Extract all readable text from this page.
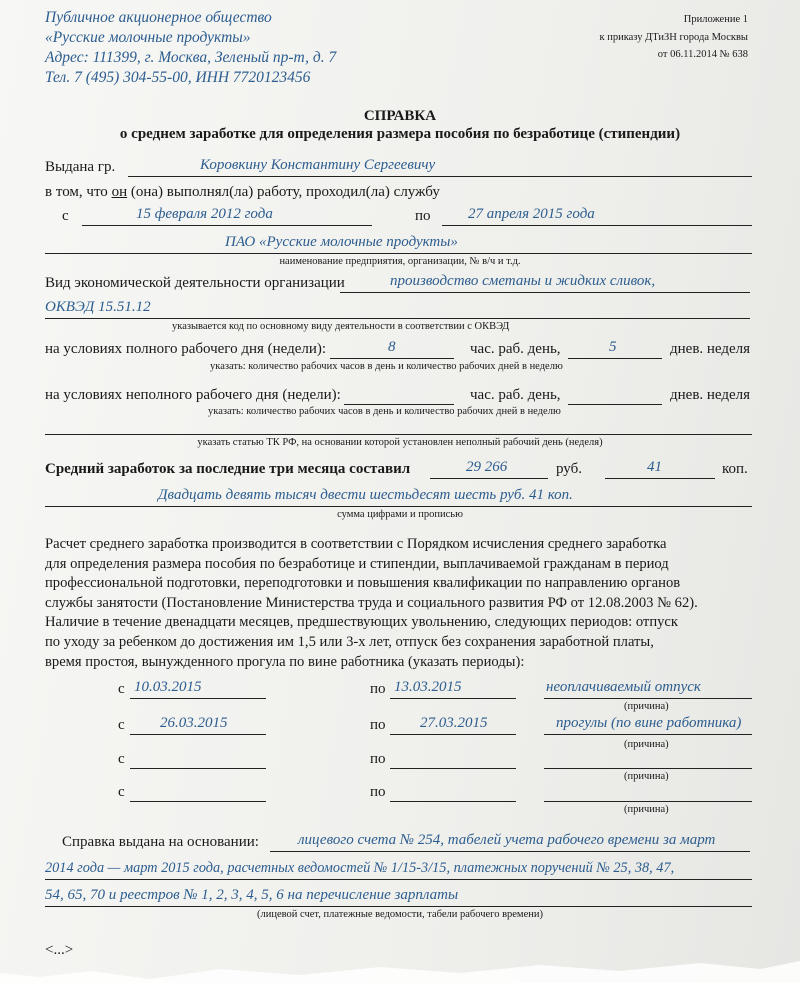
Публичное акционерное общество
«Русские молочные продукты»
Адрес: 111399, г. Москва, Зеленый пр-т, д. 7
Тел. 7 (495) 304-55-00, ИНН 7720123456
Приложение 1
к приказу ДТиЗН города Москвы
от 06.11.2014 № 638
СПРАВКА
о среднем заработке для определения размера пособия по безработице (стипендии)
Выдана гр.	Коровкину Константину Сергеевичу
в том, что он (она) выполнял(ла) работу, проходил(ла) службу
с	15 февраля 2012 года	по 27 апреля 2015 года
ПАО «Русские молочные продукты»
наименование предприятия, организации, № в/ч и т.д.
Вид экономической деятельности организации	производство сметаны и жидких сливок,
ОКВЭД 15.51.12
указывается код по основному виду деятельности в соответствии с ОКВЭД
на условиях полного рабочего дня (недели):	8	час. раб. день,	5	днев. неделя
указать: количество рабочих часов в день и количество рабочих дней в неделю
на условиях неполного рабочего дня (недели):	час. раб. день,	днев. неделя
указать: количество рабочих часов в день и количество рабочих дней в неделю
указать статью ТК РФ, на основании которой установлен неполный рабочий день (неделя)
Средний заработок за последние три месяца составил	29 266	руб.	41	коп.
Двадцать девять тысяч двести шестьдесят шесть руб. 41 коп.
сумма цифрами и прописью
Расчет среднего заработка производится в соответствии с Порядком исчисления среднего заработка
для определения размера пособия по безработице и стипендии, выплачиваемой гражданам в период
профессиональной подготовки, переподготовки и повышения квалификации по направлению органов
службы занятости (Постановление Министерства труда и социального развития РФ от 12.08.2003 № 62).
Наличие в течение двенадцати месяцев, предшествующих увольнению, следующих периодов: отпуск
по уходу за ребенком до достижения им 1,5 или 3-х лет, отпуск без сохранения заработной платы,
время простоя, вынужденного прогула по вине работника (указать периоды):
с 10.03.2015	по 13.03.2015	неоплачиваемый отпуск
(причина)
с 26.03.2015	по 27.03.2015	прогулы (по вине работника)
(причина)
с	по
(причина)
с	по
(причина)
Справка выдана на основании:	лицевого счета № 254, табелей учета рабочего времени за март
2014 года — март 2015 года, расчетных ведомостей № 1/15-3/15, платежных поручений № 25, 38, 47,
54, 65, 70 и реестров № 1, 2, 3, 4, 5, 6 на перечисление зарплаты
(лицевой счет, платежные ведомости, табели рабочего времени)
<...>
